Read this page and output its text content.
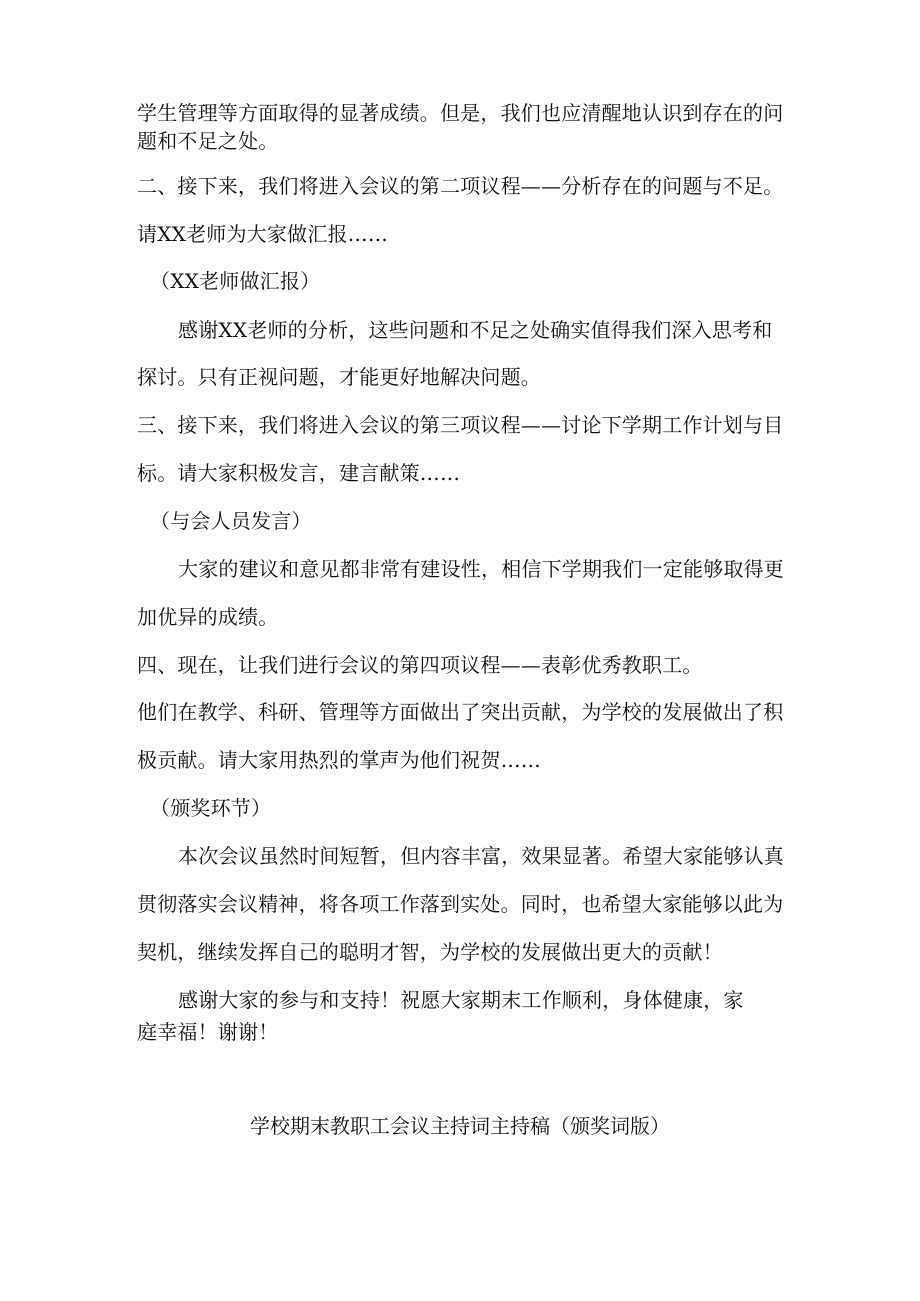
学生管理等方面取得的显著成绩。但是，我们也应清醒地认识到存在的问
题和不足之处。
二、接下来，我们将进入会议的第二项议程——分析存在的问题与不足。
请XX老师为大家做汇报……
（XX老师做汇报）
感谢XX老师的分析，这些问题和不足之处确实值得我们深入思考和
探讨。只有正视问题，才能更好地解决问题。
三、接下来，我们将进入会议的第三项议程——讨论下学期工作计划与目
标。请大家积极发言，建言献策……
（与会人员发言）
大家的建议和意见都非常有建设性，相信下学期我们一定能够取得更
加优异的成绩。
四、现在，让我们进行会议的第四项议程——表彰优秀教职工。
他们在教学、科研、管理等方面做出了突出贡献，为学校的发展做出了积
极贡献。请大家用热烈的掌声为他们祝贺……
（颁奖环节）
本次会议虽然时间短暂，但内容丰富，效果显著。希望大家能够认真
贯彻落实会议精神，将各项工作落到实处。同时，也希望大家能够以此为
契机，继续发挥自己的聪明才智，为学校的发展做出更大的贡献！
感谢大家的参与和支持！祝愿大家期末工作顺利，身体健康，家
庭幸福！谢谢！
学校期末教职工会议主持词主持稿（颁奖词版）
